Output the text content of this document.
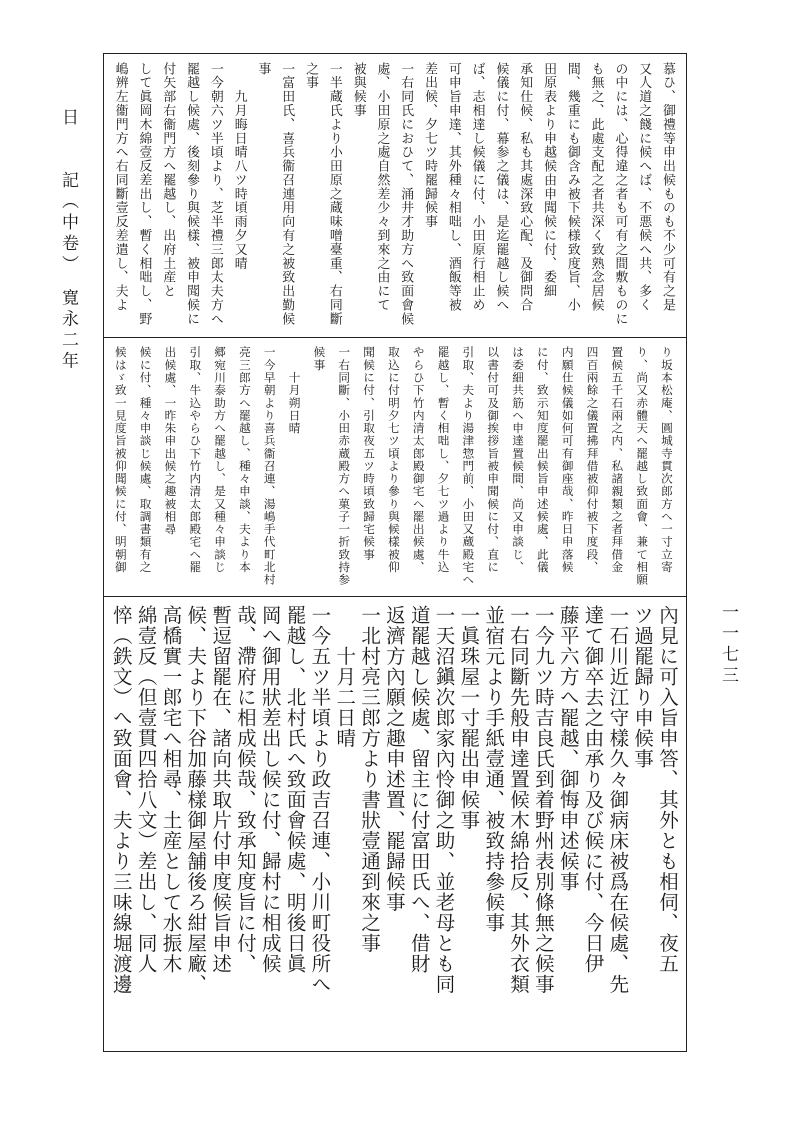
日　　記（中卷）　寛永二年
一一七三
慕ひ、御禮等申出候ものも不少可有之是
又人道之餞に候へば、不悪候へ共、多く
の中には、心得違之者も可有之間敷ものに
も無之、此處支配之者共深く致熟念居候
間、幾重にも御含み被下候様致度旨、小
田原表より申越候由申聞候に付、委細
承知仕候、私も其處深致心配、及御問合
候儀に付、幕参之儀は、是迄罷越し候へ
ば、志相達し候儀に付、小田原行相止め
可申旨申達、其外種々相咄し、酒飯等被
差出候、夕七ツ時罷歸候事
一右同氏におひて、涌井才助方へ致面會候
處、小田原之處自然差少々到來之由にて
被與候事
一半蔵氏より小田原之蔵味噌臺重、右同斷
之事
一富田氏、喜兵衞召連用向有之被致出勤候
事
　　九月晦日晴八ツ時頃雨夕又晴
一今朝六ツ半頃より、芝半禮三郎太夫方へ
罷越し候處、後刻參り與候樣、被申聞候に
付矢部右衞門方へ罷越し、出府土産と
して眞岡木綿壹反差出し、暫く相咄し、野
嶋辨左衞門方へ右同斷壹反差遣し、夫よ
り坂本松庵、圓城寺貫次郎方へ一寸立寄
り、尚又赤體天へ罷越し致面會、兼て相願
置候五千石兩之内、私諸親類之者拜借金
四百兩餘之儀置拂拜借被仰付被下度段、
内願仕候儀如何可有御座哉、昨日申落候
に付、致示知度罷出候旨申述候處、此儀
は委細共筋へ申達置候間、尚又申談じ、
以書付可及御挨拶旨被申聞候に付、直に
引取、夫より湯津惣門前、小田又蔵殿宅へ
罷越し、暫く相咄し、夕七ツ過より牛込
やらひ下竹内清太郎殿御宅へ罷出候處、
取込に付明夕七ツ頃より參り與候樣被仰
聞候に付、引取夜五ツ時頃致歸宅候事
一右同斷、小田赤蔵殿方へ菓子一折致持参
候事
　　十月朔日晴
一今早朝より喜兵衞召連、湯嶋手代町北村
亮三郎方へ罷越し、種々申談、夫より本
郷宛川泰助方へ罷越し、是又種々申談じ
引取、牛込やらひ下竹内清太郎殿宅へ罷
出候處、一昨朱申出候之趣被相尋
候に付、種々申談じ候處、取調書類有之
候はゞ致一見度旨被仰聞候に付、明朝御
內見に可入旨申答、其外とも相伺、夜五
ツ過罷歸り申候事
一石川近江守樣久々御病床被爲在候處、先
達て御卒去之由承り及び候に付、今日伊
藤平六方へ罷越、御悔申述候事
一今九ツ時吉良氏到着野州表別條無之候事
一右同斷先般申達置候木綿拾反、其外衣類
並宿元より手紙壹通、被致持參候事
一眞珠屋一寸罷出申候事
一天沼鎭次郎家內怜御之助、並老母とも同
道罷越し候處、留主に付富田氏へ、借財
返濟方內願之趣申述置、罷歸候事
一北村亮三郎方より書狀壹通到來之事
　　十月二日晴
一今五ツ半頃より政吉召連、小川町役所へ
罷越し、北村氏へ致面會候處、明後日眞
岡へ御用狀差出し候に付、歸村に相成候
哉、滯府に相成候哉、致承知度旨に付、
暫逗留罷在、諸向共取片付申度候旨申述
候、夫より下谷加藤樣御屋舗後ろ紺屋廠、
高橋實一郎宅へ相尋、土産として水振木
綿壹反（但壹貫四拾八文）差出し、同人
悴（鉄文）へ致面會、夫より三味線堀渡邊
